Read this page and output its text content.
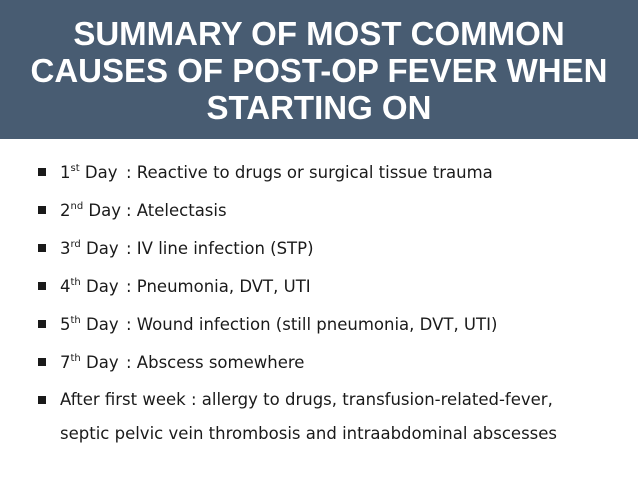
SUMMARY OF MOST COMMON CAUSES OF POST-OP FEVER WHEN STARTING ON
1st Day : Reactive to drugs or surgical tissue trauma
2nd Day : Atelectasis
3rd Day : IV line infection (STP)
4th Day : Pneumonia, DVT, UTI
5th Day : Wound infection (still pneumonia, DVT, UTI)
7th Day : Abscess somewhere
After first week : allergy to drugs, transfusion-related-fever,
septic pelvic vein thrombosis and intraabdominal abscesses
